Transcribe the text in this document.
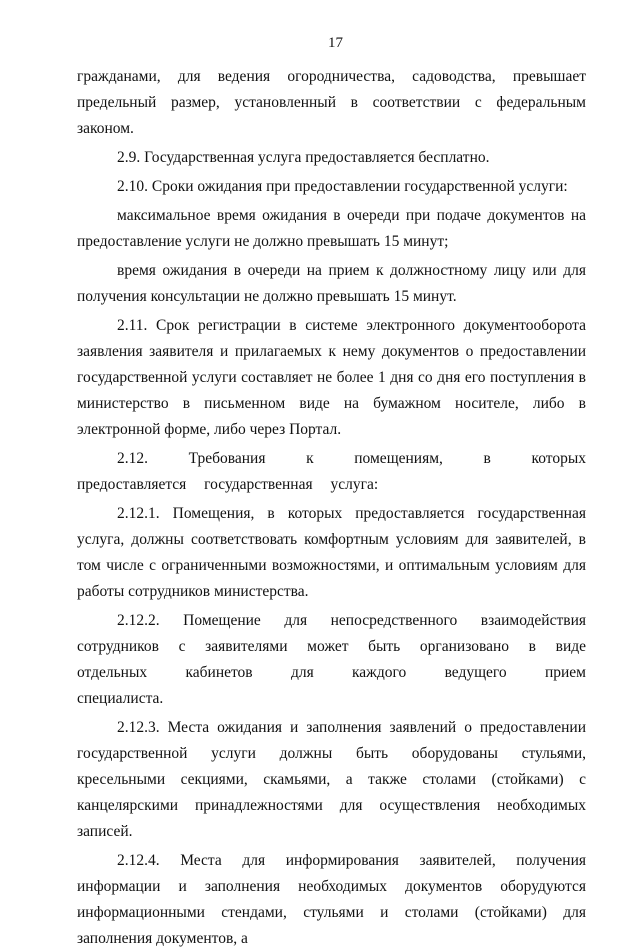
17

гражданами, для ведения огородничества, садоводства, превышает предельный размер, установленный в соответствии с федеральным законом.

2.9. Государственная услуга предоставляется бесплатно.

2.10. Сроки ожидания при предоставлении государственной услуги:

максимальное время ожидания в очереди при подаче документов на предоставление услуги не должно превышать 15 минут;

время ожидания в очереди на прием к должностному лицу или для получения консультации не должно превышать 15 минут.

2.11. Срок регистрации в системе электронного документооборота заявления заявителя и прилагаемых к нему документов о предоставлении государственной услуги составляет не более 1 дня со дня его поступления в министерство в письменном виде на бумажном носителе, либо в электронной форме, либо через Портал.

2.12. Требования к помещениям, в которых предоставляется государственная услуга:

2.12.1. Помещения, в которых предоставляется государственная услуга, должны соответствовать комфортным условиям для заявителей, в том числе с ограниченными возможностями, и оптимальным условиям для работы сотрудников министерства.

2.12.2. Помещение для непосредственного взаимодействия сотрудников с заявителями может быть организовано в виде отдельных кабинетов для каждого ведущего прием специалиста.

2.12.3. Места ожидания и заполнения заявлений о предоставлении государственной услуги должны быть оборудованы стульями, кресельными секциями, скамьями, а также столами (стойками) с канцелярскими принадлежностями для осуществления необходимых записей.

2.12.4. Места для информирования заявителей, получения информации и заполнения необходимых документов оборудуются информационными стендами, стульями и столами (стойками) для заполнения документов, а
